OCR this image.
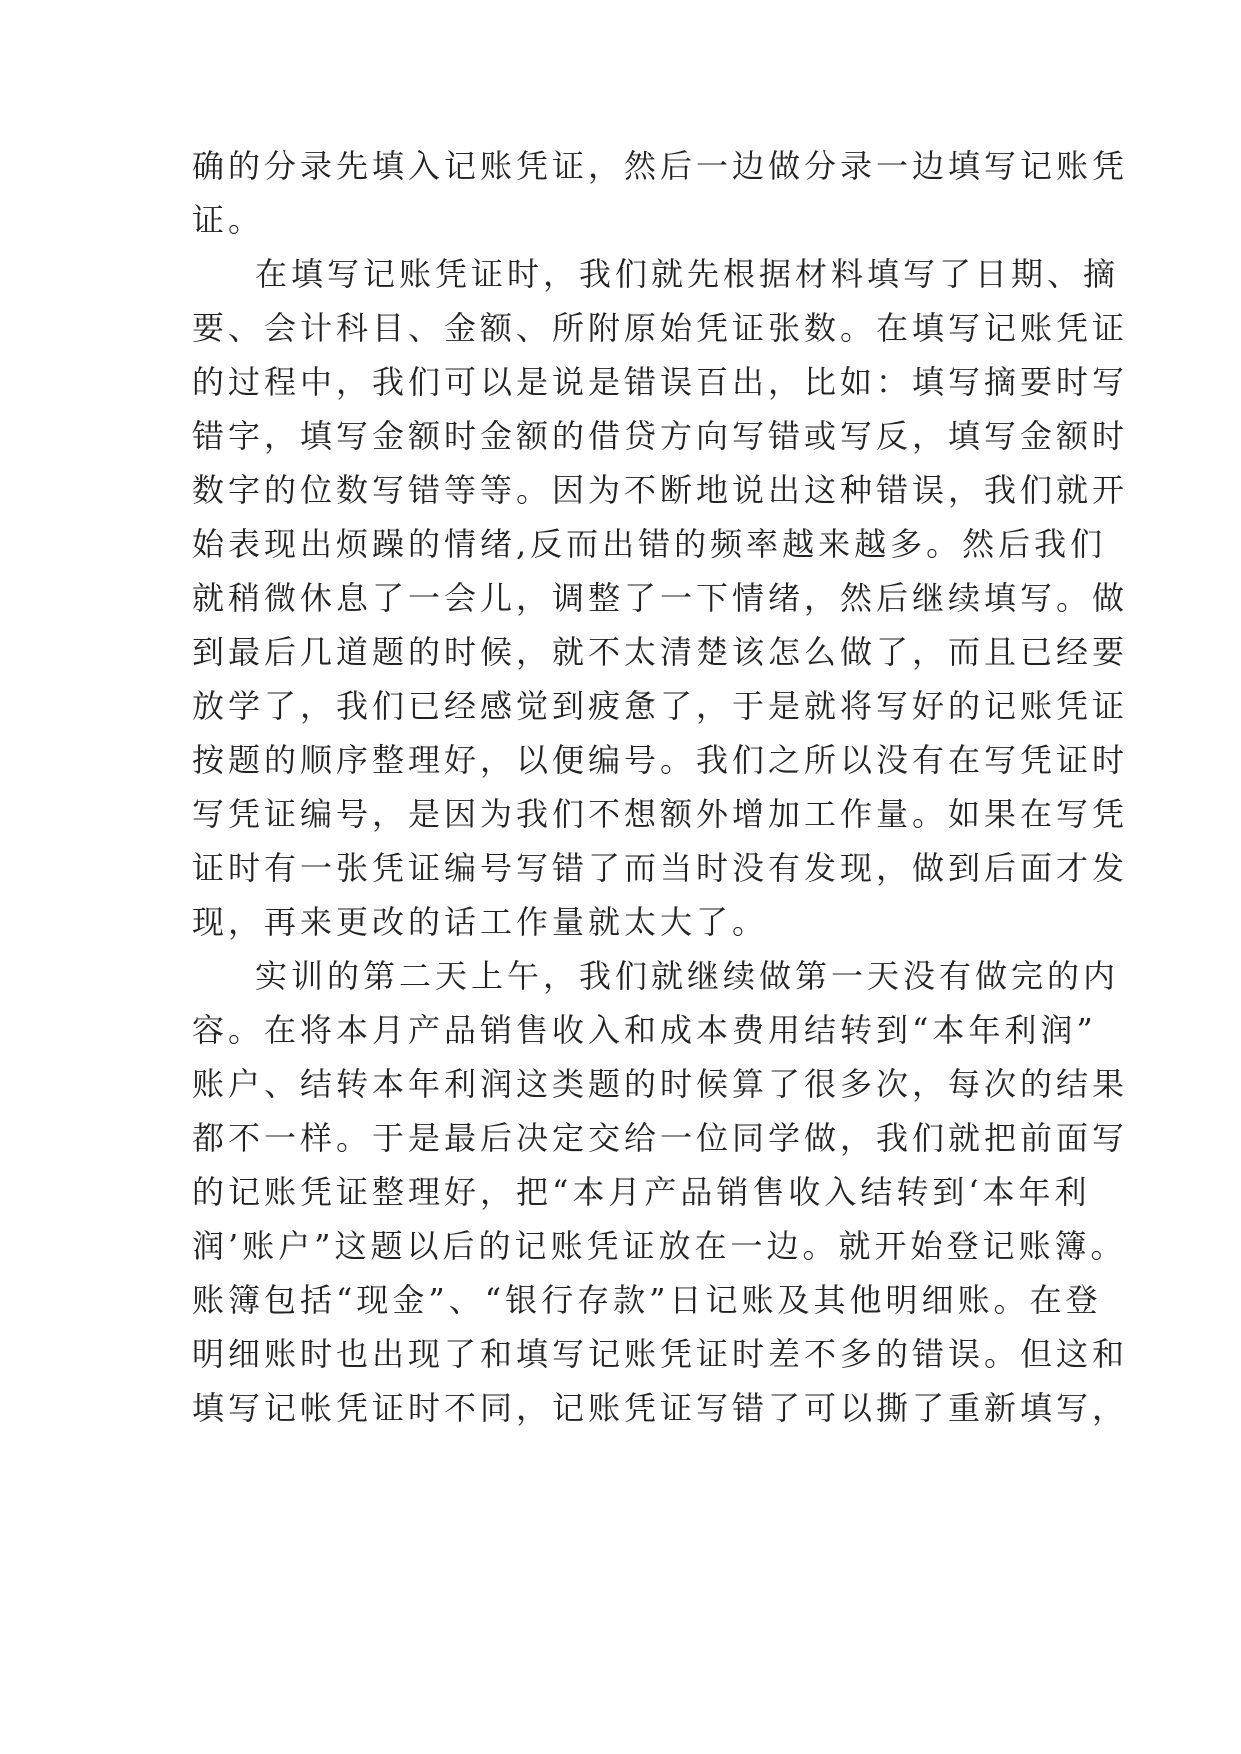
确的分录先填入记账凭证，然后一边做分录一边填写记账凭
证。
在填写记账凭证时，我们就先根据材料填写了日期、摘
要、会计科目、金额、所附原始凭证张数。在填写记账凭证
的过程中，我们可以是说是错误百出，比如：填写摘要时写
错字，填写金额时金额的借贷方向写错或写反，填写金额时
数字的位数写错等等。因为不断地说出这种错误，我们就开
始表现出烦躁的情绪,反而出错的频率越来越多。然后我们
就稍微休息了一会儿，调整了一下情绪，然后继续填写。做
到最后几道题的时候，就不太清楚该怎么做了，而且已经要
放学了，我们已经感觉到疲惫了，于是就将写好的记账凭证
按题的顺序整理好，以便编号。我们之所以没有在写凭证时
写凭证编号，是因为我们不想额外增加工作量。如果在写凭
证时有一张凭证编号写错了而当时没有发现，做到后面才发
现，再来更改的话工作量就太大了。
实训的第二天上午，我们就继续做第一天没有做完的内
容。在将本月产品销售收入和成本费用结转到“本年利润”
账户、结转本年利润这类题的时候算了很多次，每次的结果
都不一样。于是最后决定交给一位同学做，我们就把前面写
的记账凭证整理好，把“本月产品销售收入结转到‘本年利
润’账户”这题以后的记账凭证放在一边。就开始登记账簿。
账簿包括“现金”、“银行存款”日记账及其他明细账。在登
明细账时也出现了和填写记账凭证时差不多的错误。但这和
填写记帐凭证时不同，记账凭证写错了可以撕了重新填写，
